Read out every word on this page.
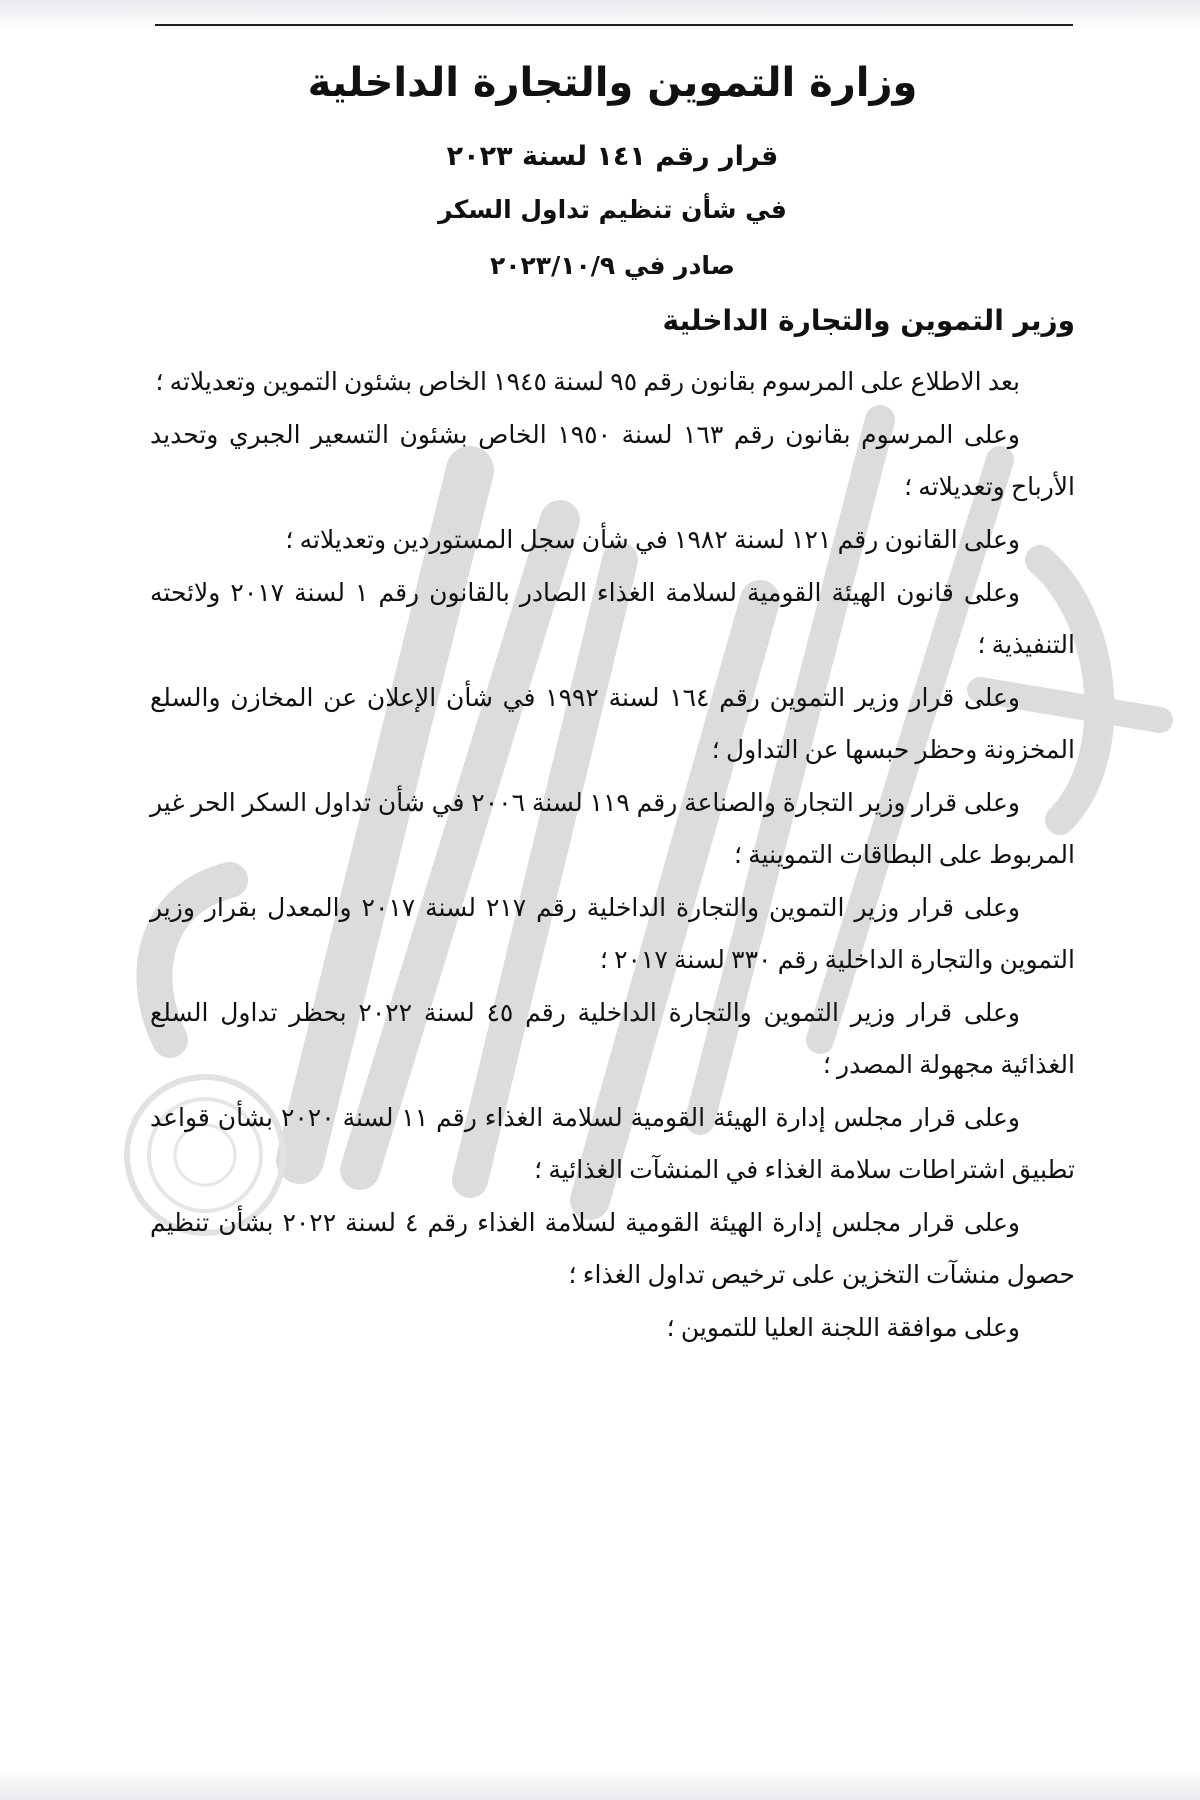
وزارة التموين والتجارة الداخلية
قرار رقم ١٤١ لسنة ٢٠٢٣
في شأن تنظيم تداول السكر
صادر في ٢٠٢٣/١٠/٩
وزير التموين والتجارة الداخلية
بعد الاطلاع على المرسوم بقانون رقم ٩٥ لسنة ١٩٤٥ الخاص بشئون التموين وتعديلاته ؛
وعلى المرسوم بقانون رقم ١٦٣ لسنة ١٩٥٠ الخاص بشئون التسعير الجبري وتحديد الأرباح وتعديلاته ؛
وعلى القانون رقم ١٢١ لسنة ١٩٨٢ في شأن سجل المستوردين وتعديلاته ؛
وعلى قانون الهيئة القومية لسلامة الغذاء الصادر بالقانون رقم ١ لسنة ٢٠١٧ ولائحته التنفيذية ؛
وعلى قرار وزير التموين رقم ١٦٤ لسنة ١٩٩٢ في شأن الإعلان عن المخازن والسلع المخزونة وحظر حبسها عن التداول ؛
وعلى قرار وزير التجارة والصناعة رقم ١١٩ لسنة ٢٠٠٦ في شأن تداول السكر الحر غير المربوط على البطاقات التموينية ؛
وعلى قرار وزير التموين والتجارة الداخلية رقم ٢١٧ لسنة ٢٠١٧ والمعدل بقرار وزير التموين والتجارة الداخلية رقم ٣٣٠ لسنة ٢٠١٧ ؛
وعلى قرار وزير التموين والتجارة الداخلية رقم ٤٥ لسنة ٢٠٢٢ بحظر تداول السلع الغذائية مجهولة المصدر ؛
وعلى قرار مجلس إدارة الهيئة القومية لسلامة الغذاء رقم ١١ لسنة ٢٠٢٠ بشأن قواعد تطبيق اشتراطات سلامة الغذاء في المنشآت الغذائية ؛
وعلى قرار مجلس إدارة الهيئة القومية لسلامة الغذاء رقم ٤ لسنة ٢٠٢٢ بشأن تنظيم حصول منشآت التخزين على ترخيص تداول الغذاء ؛
وعلى موافقة اللجنة العليا للتموين ؛
